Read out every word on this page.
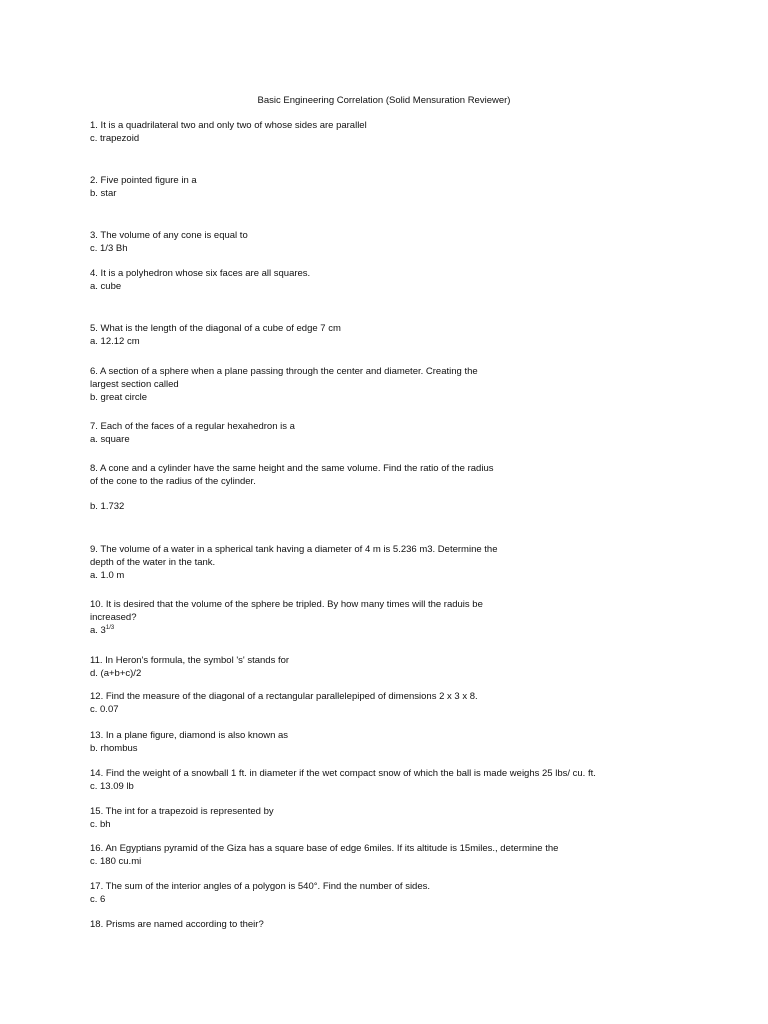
Basic Engineering Correlation (Solid Mensuration Reviewer)
1. It is a quadrilateral two and only two of whose sides are parallel
c. trapezoid
2. Five pointed figure in a
b. star
3. The volume of any cone is equal to
c. 1/3 Bh
4. It is a polyhedron whose six faces are all squares.
a. cube
5. What is the length of the diagonal of a cube of edge 7 cm
a. 12.12 cm
6. A section of a sphere when a plane passing through the center and diameter. Creating the
largest section called
b. great circle
7. Each of the faces of a regular hexahedron is a
a. square
8. A cone and a cylinder have the same height and the same volume. Find the ratio of the radius
of the cone to the radius of the cylinder.
b. 1.732
9. The volume of a water in a spherical tank having a diameter of 4 m is 5.236 m3. Determine the
depth of the water in the tank.
a. 1.0 m
10. It is desired that the volume of the sphere be tripled. By how many times will the raduis be
increased?
a. $3^{1/3}$
11. In Heron's formula, the symbol 's' stands for
d. (a+b+c)/2
12. Find the measure of the diagonal of a rectangular parallelepiped of dimensions 2 x 3 x 8.
c. 0.07
13. In a plane figure, diamond is also known as
b. rhombus
14. Find the weight of a snowball 1 ft. in diameter if the wet compact snow of which the ball is made weighs 25 lbs/ cu. ft.
c. 13.09 lb
15. The int for a trapezoid is represented by
c. bh
16. An Egyptians pyramid of the Giza has a square base of edge 6miles. If its altitude is 15miles., determine the
c. 180 cu.mi
17. The sum of the interior angles of a polygon is 540°. Find the number of sides.
c. 6
18. Prisms are named according to their?
